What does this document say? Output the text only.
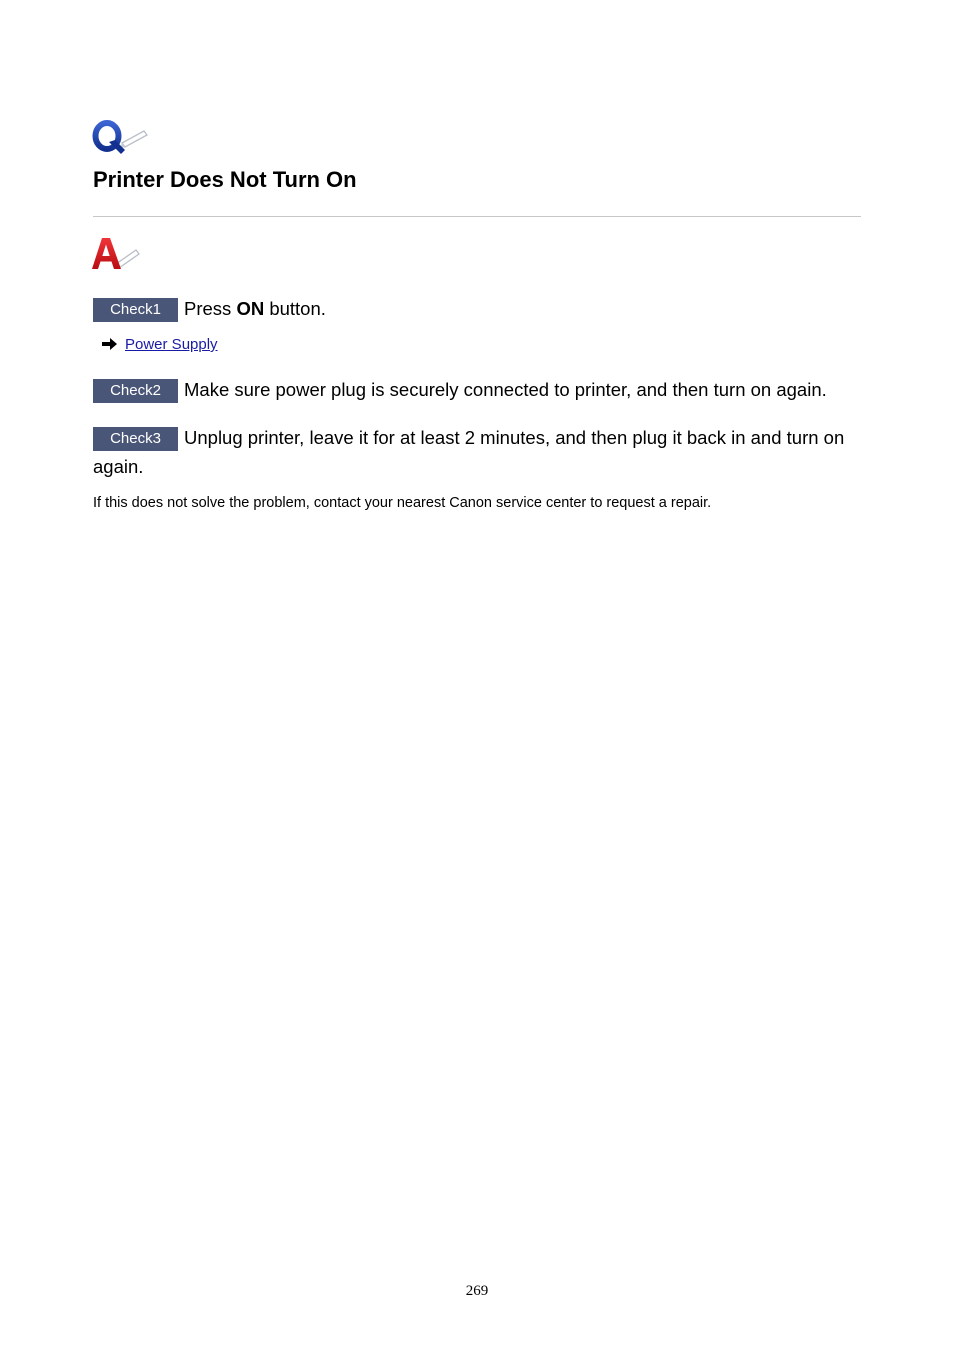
Printer Does Not Turn On
Check1 Press ON button.
Power Supply
Check2 Make sure power plug is securely connected to printer, and then turn on again.
Check3 Unplug printer, leave it for at least 2 minutes, and then plug it back in and turn on again.
If this does not solve the problem, contact your nearest Canon service center to request a repair.
269
